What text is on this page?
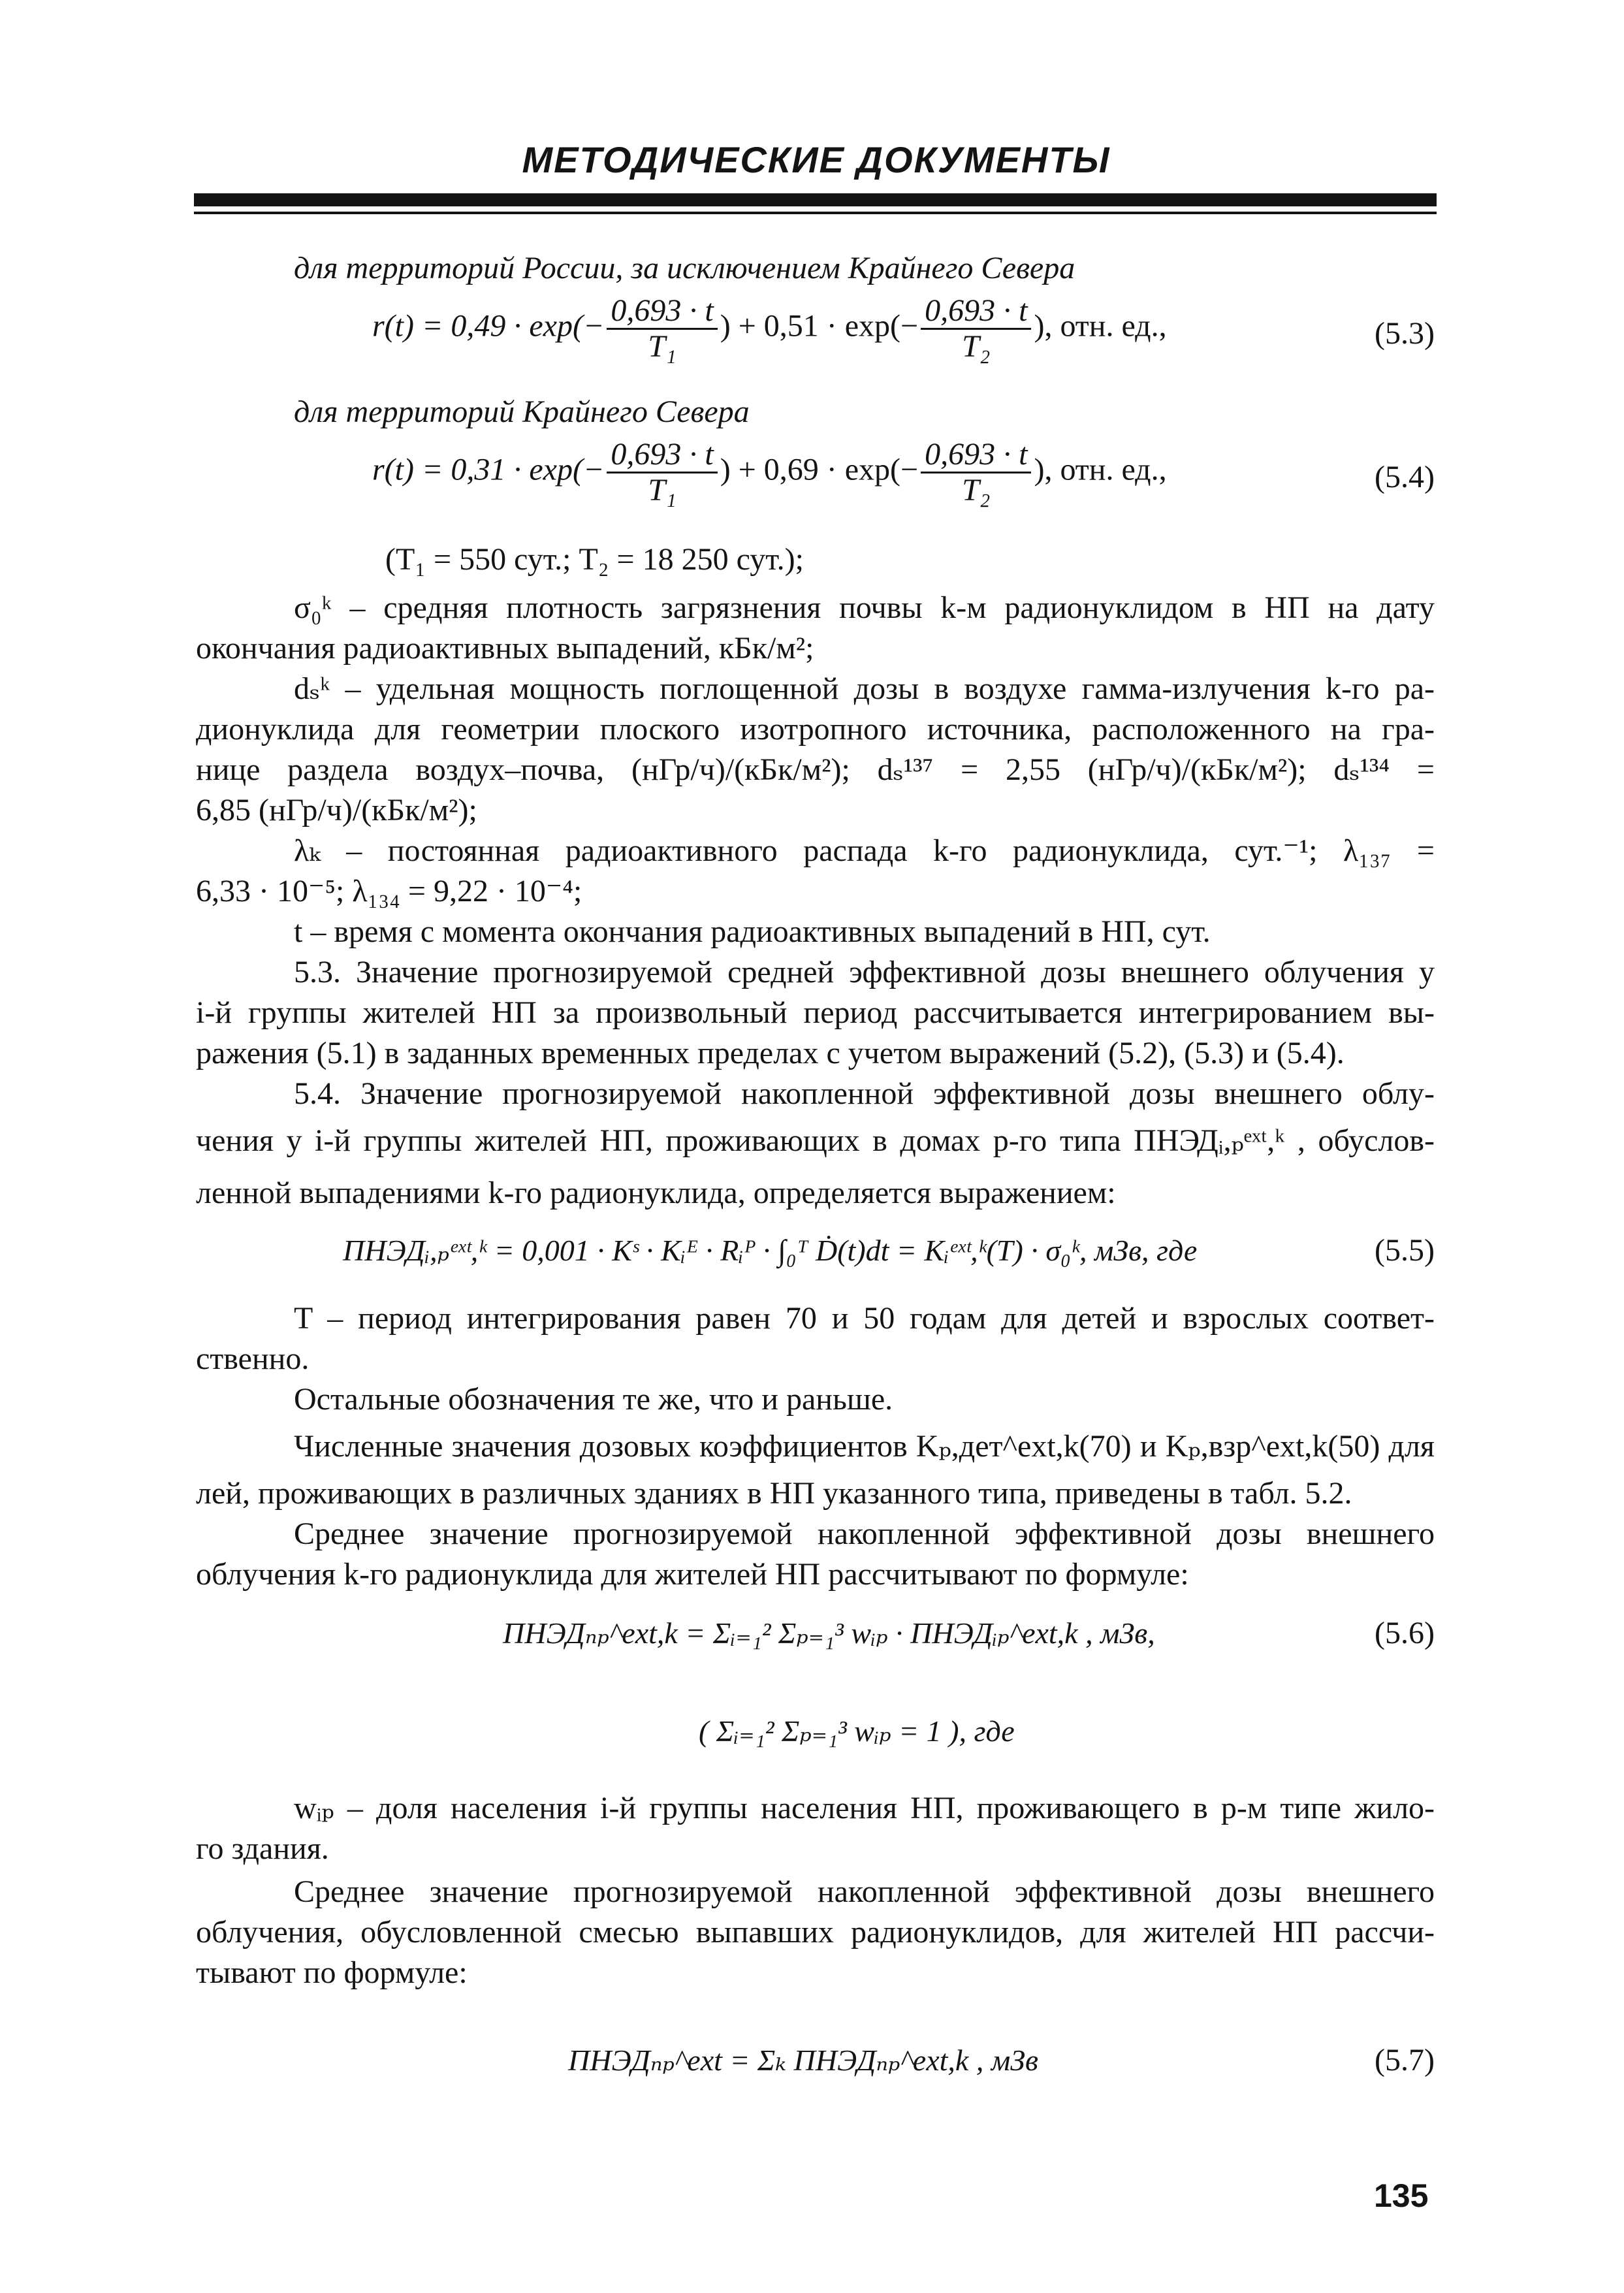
МЕТОДИЧЕСКИЕ ДОКУМЕНТЫ
для территорий России, за исключением Крайнего Севера
$r(t) = 0,49 \cdot \exp(- \frac{0,693 \cdot t}{\text{T₁}}$ ) + $0,51 \cdot \exp(- \frac{0,693 \cdot t}{\text{T₂}}$ ), отн. ед.,	(5.3)
для территорий Крайнего Севера
$r(t) = 0,31 \cdot \exp(- \frac{0,693 \cdot t}{\text{T₁}}$ ) + $0,69 \cdot \exp(- \frac{0,693 \cdot t}{\text{T₂}}$ ), отн. ед.,	(5.4)
(T₁ = 550 сут.; T₂ = 18 250 сут.);
σ₀ᵏ – средняя плотность загрязнения почвы k-м радионуклидом в НП на дату
окончания радиоактивных выпадений, кБк/м²;
dₛᵏ – удельная мощность поглощенной дозы в воздухе гамма-излучения k-го ра-
дионуклида для геометрии плоского изотропного источника, расположенного на гра-
нице раздела воздух–почва, (нГр/ч)/(кБк/м²); dₛ¹³⁷ = 2,55 (нГр/ч)/(кБк/м²); dₛ¹³⁴ =
6,85 (нГр/ч)/(кБк/м²);
λₖ – постоянная радиоактивного распада k-го радионуклида, сут.⁻¹; λ₁₃₇ =
6,33 · 10⁻⁵; λ₁₃₄ = 9,22 · 10⁻⁴;
t – время с момента окончания радиоактивных выпадений в НП, сут.
5.3. Значение прогнозируемой средней эффективной дозы внешнего облучения у
i-й группы жителей НП за произвольный период рассчитывается интегрированием вы-
ражения (5.1) в заданных временных пределах с учетом выражений (5.2), (5.3) и (5.4).
5.4. Значение прогнозируемой накопленной эффективной дозы внешнего облу-
чения у i-й группы жителей НП, проживающих в домах p-го типа ПНЭДᵢ,ₚᵉˣᵗ,ᵏ , обуслов-
ленной выпадениями k-го радионуклида, определяется выражением:
ПНЭДᵢ,ₚᵉˣᵗ,ᵏ = 0,001 · Kˢ · Kᵢᴱ · Rᵢᴾ · ∫₀ᵀ Ḋ(t)dt = Kᵢᵉˣᵗ,ᵏ(T) · σ₀ᵏ, мЗв, где	(5.5)
T – период интегрирования равен 70 и 50 годам для детей и взрослых соответ-
ственно.
Остальные обозначения те же, что и раньше.
Численные значения дозовых коэффициентов Kₚ,дет^ext,k(70) и Kₚ,взр^ext,k(50) для
лей, проживающих в различных зданиях в НП указанного типа, приведены в табл. 5.2.
Среднее значение прогнозируемой накопленной эффективной дозы внешнего
облучения k-го радионуклида для жителей НП рассчитывают по формуле:
ПНЭДₙₚ^ext,k = Σᵢ₌₁² Σₚ₌₁³ wᵢₚ · ПНЭДᵢₚ^ext,k , мЗв,	(5.6)
( Σᵢ₌₁² Σₚ₌₁³ wᵢₚ = 1 ), где
wᵢₚ – доля населения i-й группы населения НП, проживающего в p-м типе жило-
го здания.
Среднее значение прогнозируемой накопленной эффективной дозы внешнего
облучения, обусловленной смесью выпавших радионуклидов, для жителей НП рассчи-
тывают по формуле:
ПНЭДₙₚ^ext = Σₖ ПНЭДₙₚ^ext,k , мЗв	(5.7)
135
